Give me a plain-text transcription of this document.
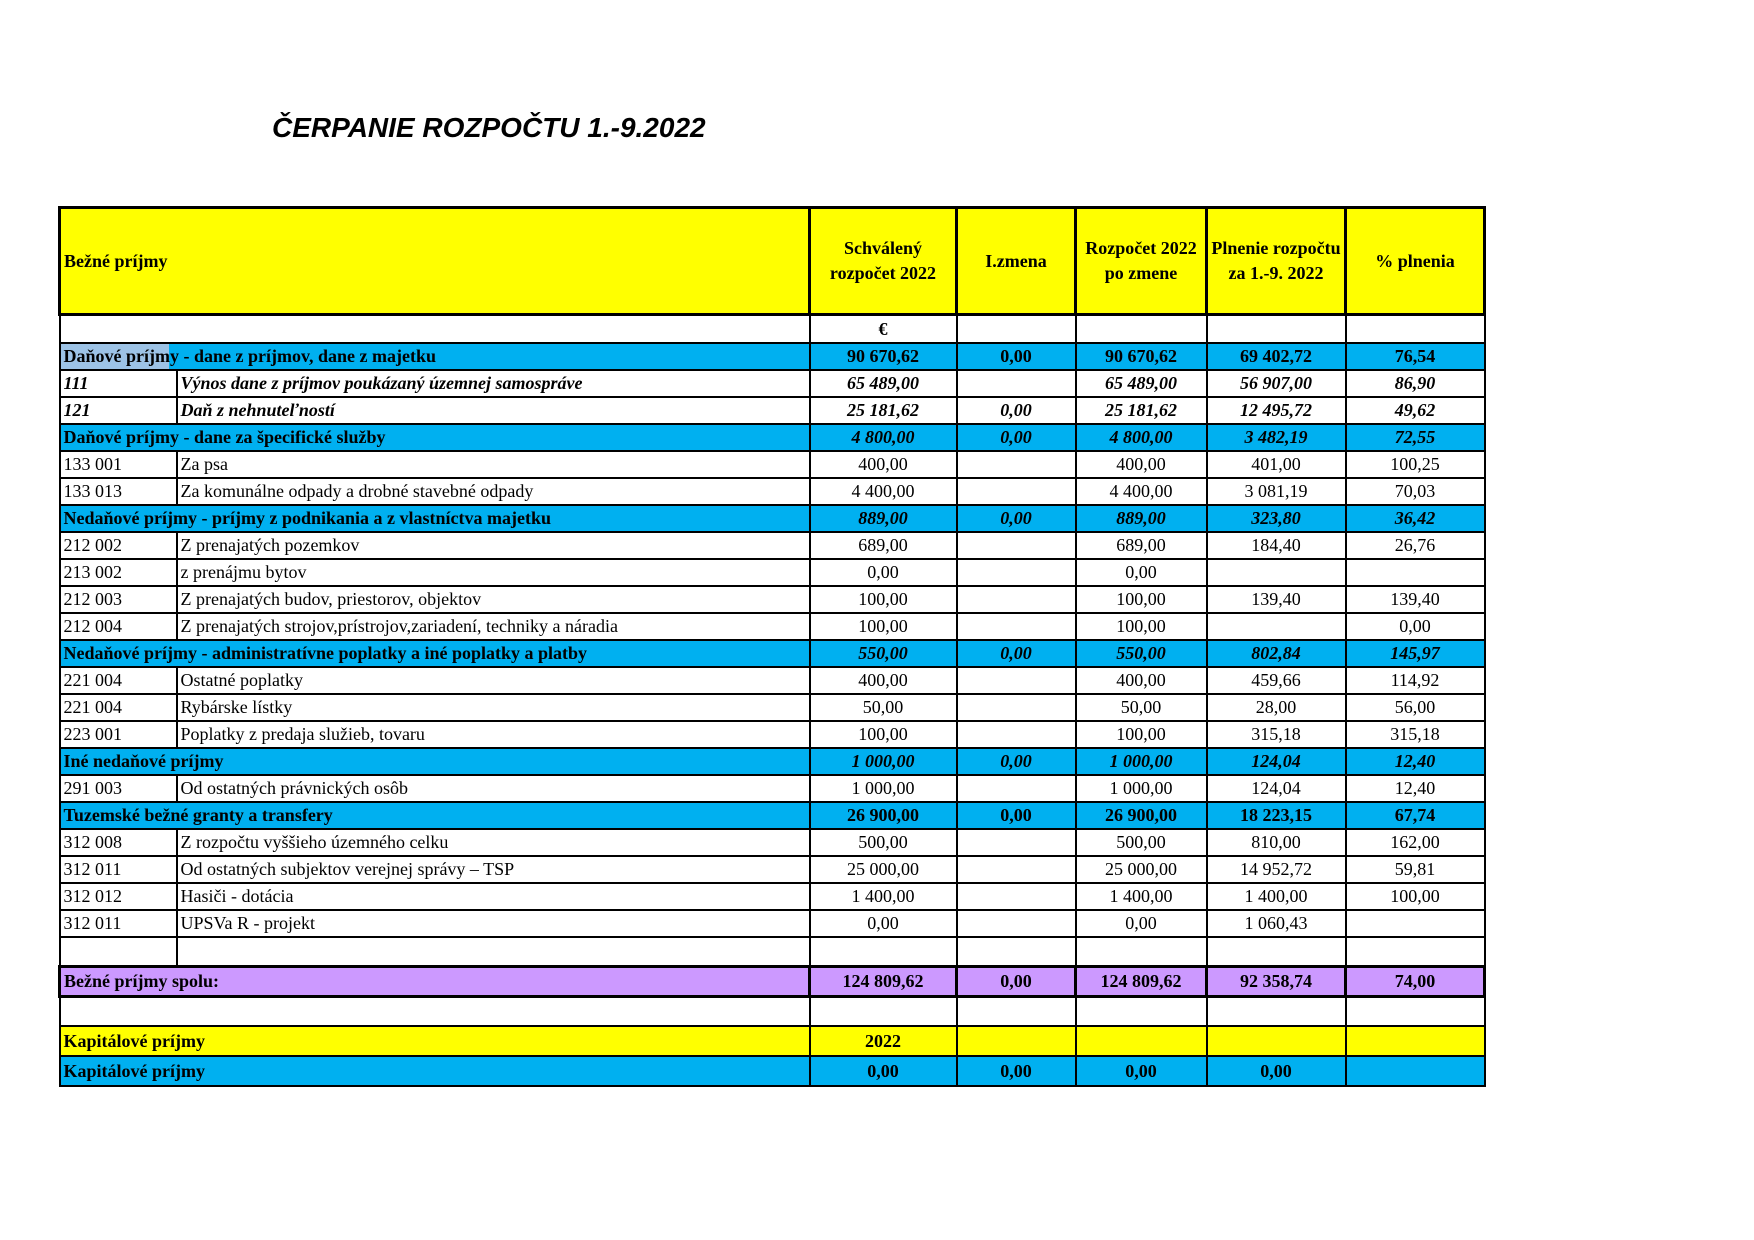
ČERPANIE ROZPOČTU 1.-9.2022
Bežné príjmy		Schválený rozpočet 2022	I.zmena	Rozpočet 2022 po zmene	Plnenie rozpočtu za 1.-9. 2022	% plnenia
		€				
Daňové príjmy - dane z príjmov, dane z majetku		90 670,62	0,00	90 670,62	69 402,72	76,54
111	Výnos dane z príjmov poukázaný územnej samospráve	65 489,00		65 489,00	56 907,00	86,90
121	Daň z nehnuteľností	25 181,62	0,00	25 181,62	12 495,72	49,62
Daňové príjmy - dane za špecifické služby		4 800,00	0,00	4 800,00	3 482,19	72,55
133 001	Za psa	400,00		400,00	401,00	100,25
133 013	Za komunálne odpady a drobné stavebné odpady	4 400,00		4 400,00	3 081,19	70,03
Nedaňové príjmy - príjmy z podnikania a z vlastníctva majetku		889,00	0,00	889,00	323,80	36,42
212 002	Z prenajatých pozemkov	689,00		689,00	184,40	26,76
213 002	z prenájmu bytov	0,00		0,00		
212 003	Z prenajatých budov, priestorov, objektov	100,00		100,00	139,40	139,40
212 004	Z prenajatých strojov,prístrojov,zariadení, techniky a náradia	100,00		100,00		0,00
Nedaňové príjmy - administratívne poplatky a iné poplatky a platby		550,00	0,00	550,00	802,84	145,97
221 004	Ostatné poplatky	400,00		400,00	459,66	114,92
221 004	Rybárske lístky	50,00		50,00	28,00	56,00
223 001	Poplatky z predaja služieb, tovaru	100,00		100,00	315,18	315,18
Iné nedaňové príjmy		1 000,00	0,00	1 000,00	124,04	12,40
291 003	Od ostatných právnických osôb	1 000,00		1 000,00	124,04	12,40
Tuzemské bežné granty a transfery		26 900,00	0,00	26 900,00	18 223,15	67,74
312 008	Z rozpočtu vyššieho územného celku	500,00		500,00	810,00	162,00
312 011	Od ostatných subjektov verejnej správy – TSP	25 000,00		25 000,00	14 952,72	59,81
312 012	Hasiči - dotácia	1 400,00		1 400,00	1 400,00	100,00
312 011	UPSVa R - projekt	0,00		0,00	1 060,43	

Bežné príjmy spolu:		124 809,62	0,00	124 809,62	92 358,74	74,00

Kapitálové príjmy		2022				
Kapitálové príjmy		0,00	0,00	0,00	0,00	
